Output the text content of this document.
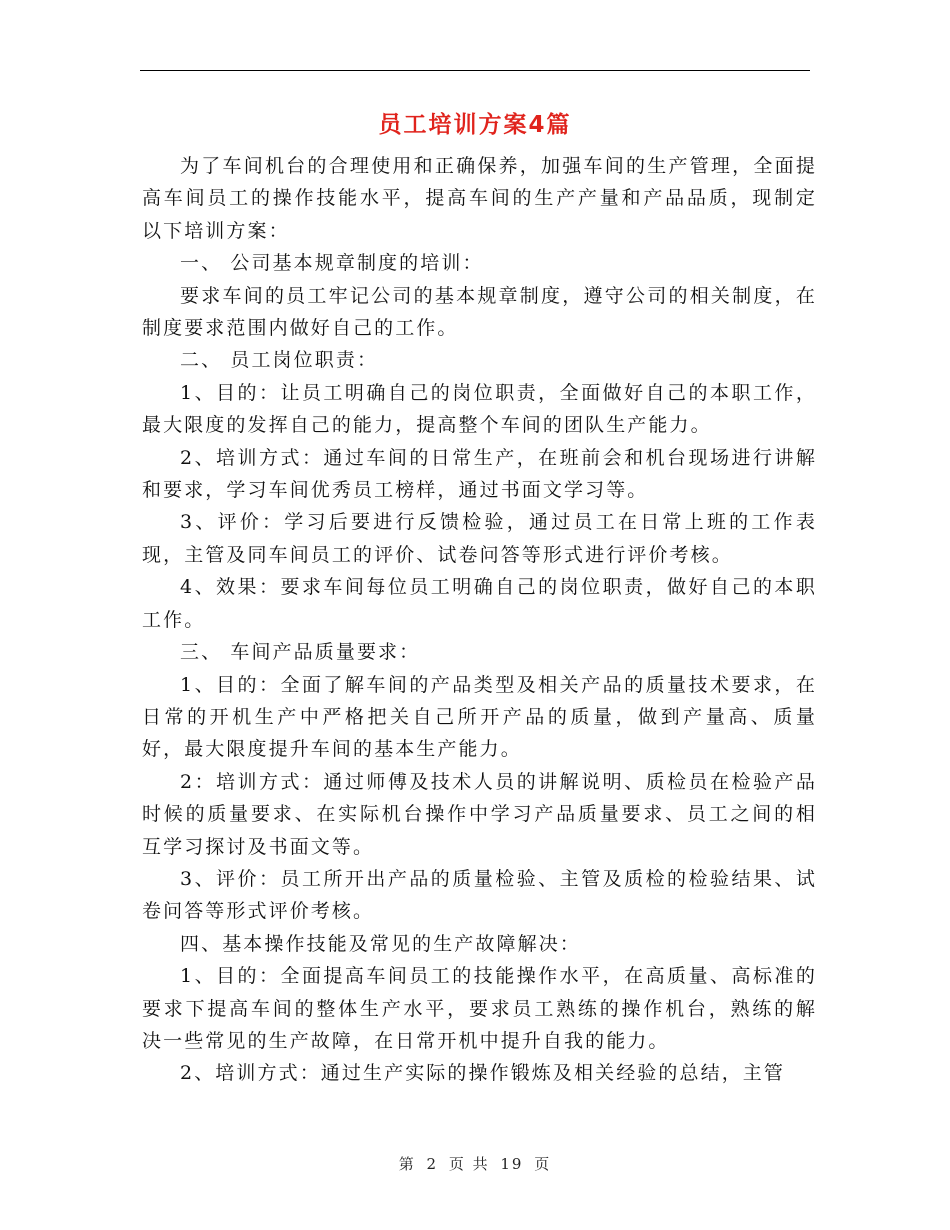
员工培训方案4篇

为了车间机台的合理使用和正确保养，加强车间的生产管理，全面提高车间员工的操作技能水平，提高车间的生产产量和产品品质，现制定以下培训方案：

一、 公司基本规章制度的培训：

要求车间的员工牢记公司的基本规章制度，遵守公司的相关制度，在制度要求范围内做好自己的工作。

二、 员工岗位职责：

1、目的：让员工明确自己的岗位职责，全面做好自己的本职工作，最大限度的发挥自己的能力，提高整个车间的团队生产能力。

2、培训方式：通过车间的日常生产，在班前会和机台现场进行讲解和要求，学习车间优秀员工榜样，通过书面文学习等。

3、评价：学习后要进行反馈检验，通过员工在日常上班的工作表现，主管及同车间员工的评价、试卷问答等形式进行评价考核。

4、效果：要求车间每位员工明确自己的岗位职责，做好自己的本职工作。

三、 车间产品质量要求：

1、目的：全面了解车间的产品类型及相关产品的质量技术要求，在日常的开机生产中严格把关自己所开产品的质量，做到产量高、质量好，最大限度提升车间的基本生产能力。

2：培训方式：通过师傅及技术人员的讲解说明、质检员在检验产品时候的质量要求、在实际机台操作中学习产品质量要求、员工之间的相互学习探讨及书面文等。

3、评价：员工所开出产品的质量检验、主管及质检的检验结果、试卷问答等形式评价考核。

四、基本操作技能及常见的生产故障解决：

1、目的：全面提高车间员工的技能操作水平，在高质量、高标准的要求下提高车间的整体生产水平，要求员工熟练的操作机台，熟练的解决一些常见的生产故障，在日常开机中提升自我的能力。

2、培训方式：通过生产实际的操作锻炼及相关经验的总结，主管

第 2 页 共 19 页
